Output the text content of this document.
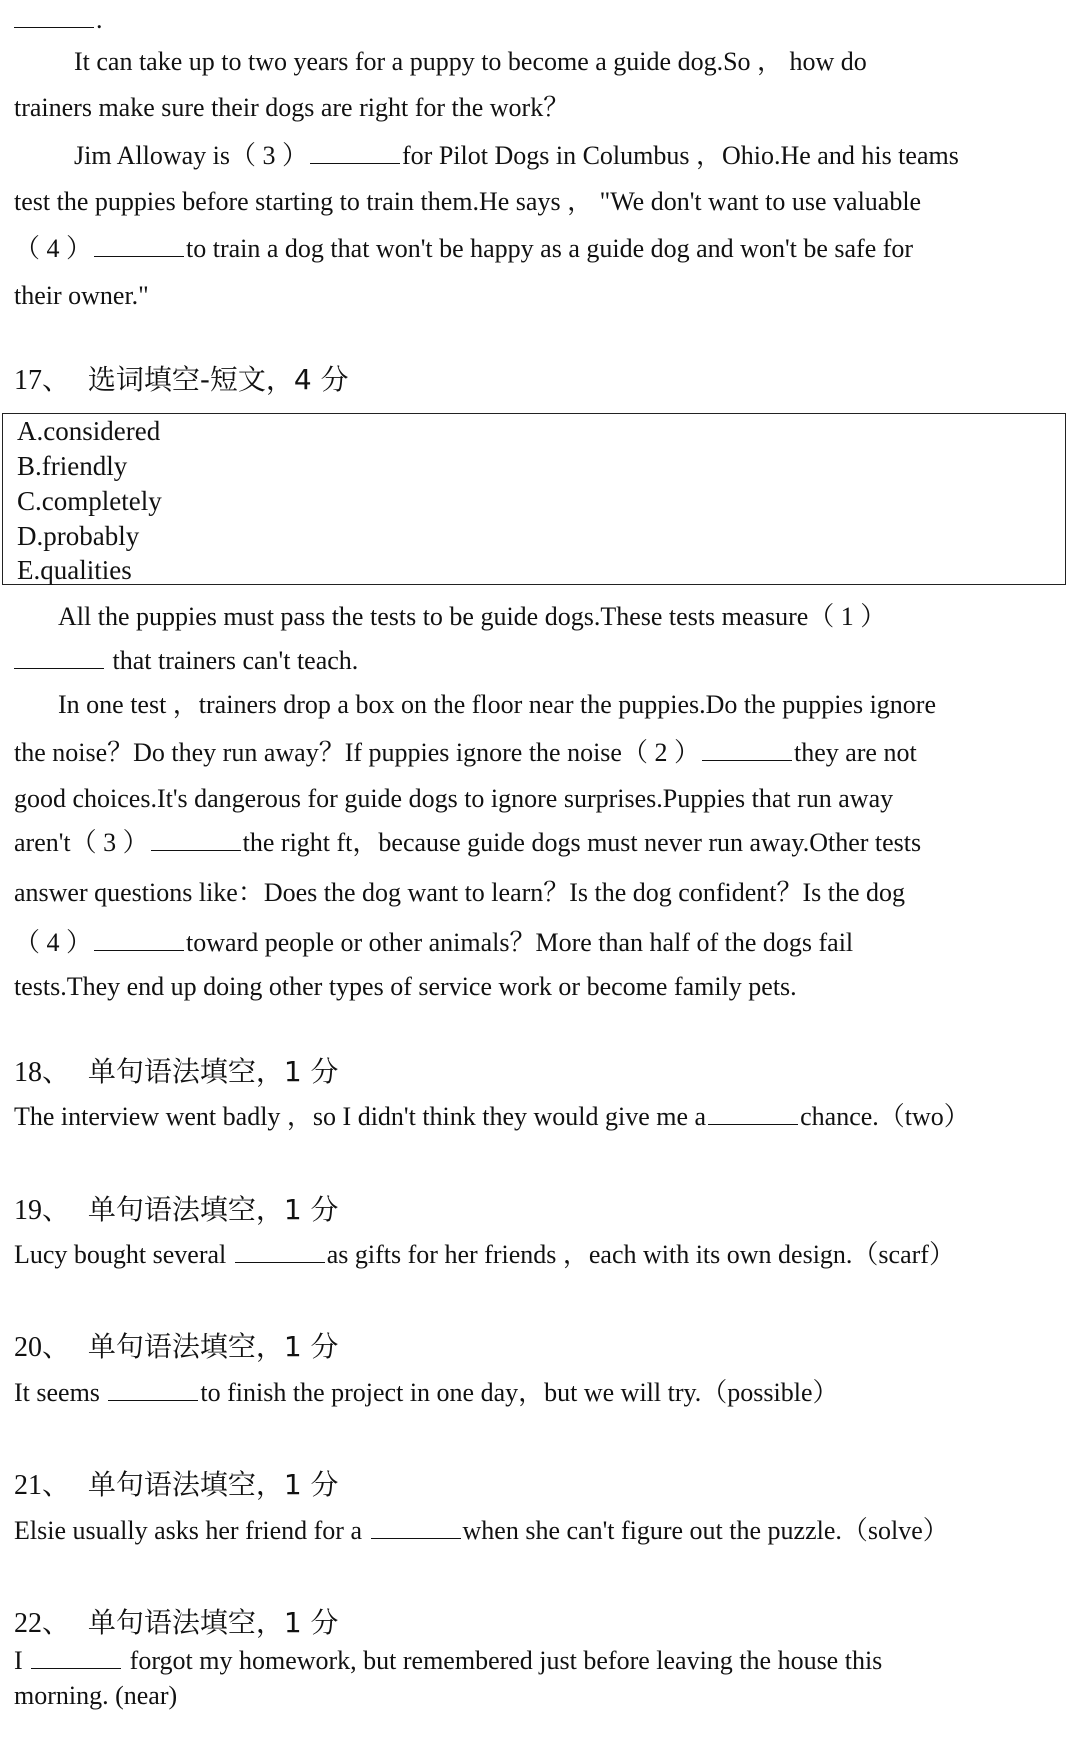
.
It can take up to two years for a puppy to become a guide dog.So ， how do
trainers make sure their dogs are right for the work？
Jim Alloway is（ 3 ）	for Pilot Dogs in Columbus ，Ohio.He and his teams
test the puppies before starting to train them.He says ， "We don't want to use valuable
（ 4 ）	to train a dog that won't be happy as a guide dog and won't be safe for
their owner."
17、 选词填空-短文，4 分
A.considered
B.friendly
C.completely
D.probably
E.qualities
All the puppies must pass the tests to be guide dogs.These tests measure（ 1 ）
that trainers can't teach.
In one test ，trainers drop a box on the floor near the puppies.Do the puppies ignore
the noise？Do they run away？If puppies ignore the noise（ 2 ）	they are not
good choices.It's dangerous for guide dogs to ignore surprises.Puppies that run away
aren't（ 3 ）	the right ft，because guide dogs must never run away.Other tests
answer questions like：Does the dog want to learn？Is the dog confident？Is the dog
（ 4 ）	toward people or other animals？More than half of the dogs fail
tests.They end up doing other types of service work or become family pets.
18、 单句语法填空，1 分
The interview went badly ，so I didn't think they would give me a	chance.（two）
19、 单句语法填空，1 分
Lucy bought several	as gifts for her friends ，each with its own design.（scarf）
20、 单句语法填空，1 分
It seems	to finish the project in one day，but we will try.（possible）
21、 单句语法填空，1 分
Elsie usually asks her friend for a	when she can't figure out the puzzle.（solve）
22、 单句语法填空，1 分
I	forgot my homework, but remembered just before leaving the house this
morning. (near)
